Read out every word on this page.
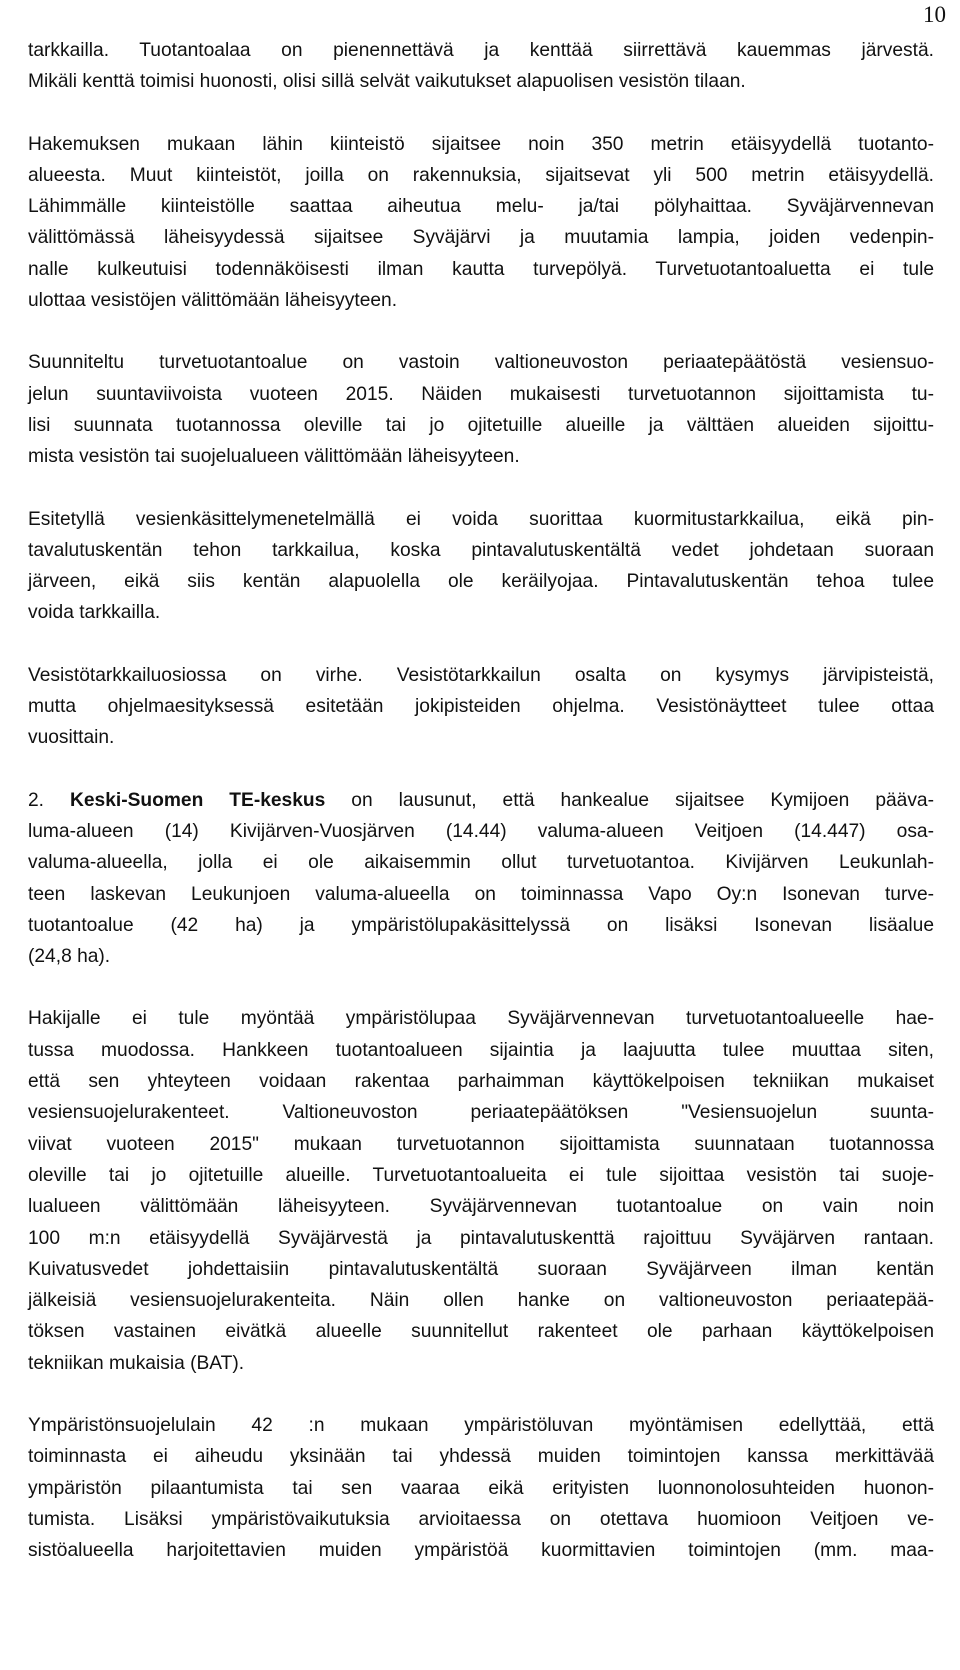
10

tarkkailla. Tuotantoalaa on pienennettävä ja kenttää siirrettävä kauemmas järvestä.
Mikäli kenttä toimisi huonosti, olisi sillä selvät vaikutukset alapuolisen vesistön tilaan.

Hakemuksen mukaan lähin kiinteistö sijaitsee noin 350 metrin etäisyydellä tuotanto-
alueesta. Muut kiinteistöt, joilla on rakennuksia, sijaitsevat yli 500 metrin etäisyydellä.
Lähimmälle kiinteistölle saattaa aiheutua melu- ja/tai pölyhaittaa. Syväjärvennevan
välittömässä läheisyydessä sijaitsee Syväjärvi ja muutamia lampia, joiden vedenpin-
nalle kulkeutuisi todennäköisesti ilman kautta turvepölyä. Turvetuotantoaluetta ei tule
ulottaa vesistöjen välittömään läheisyyteen.

Suunniteltu turvetuotantoalue on vastoin valtioneuvoston periaatepäätöstä vesiensuo-
jelun suuntaviivoista vuoteen 2015. Näiden mukaisesti turvetuotannon sijoittamista tu-
lisi suunnata tuotannossa oleville tai jo ojitetuille alueille ja välttäen alueiden sijoittu-
mista vesistön tai suojelualueen välittömään läheisyyteen.

Esitetyllä vesienkäsittelymenetelmällä ei voida suorittaa kuormitustarkkailua, eikä pin-
tavalutuskentän tehon tarkkailua, koska pintavalutuskentältä vedet johdetaan suoraan
järveen, eikä siis kentän alapuolella ole keräilyojaa. Pintavalutuskentän tehoa tulee
voida tarkkailla.

Vesistötarkkailuosiossa on virhe. Vesistötarkkailun osalta on kysymys järvipisteistä,
mutta ohjelmaesityksessä esitetään jokipisteiden ohjelma. Vesistönäytteet tulee ottaa
vuosittain.

2. Keski-Suomen TE-keskus on lausunut, että hankealue sijaitsee Kymijoen pääva-
luma-alueen (14) Kivijärven-Vuosjärven (14.44) valuma-alueen Veitjoen (14.447) osa-
valuma-alueella, jolla ei ole aikaisemmin ollut turvetuotantoa. Kivijärven Leukunlah-
teen laskevan Leukunjoen valuma-alueella on toiminnassa Vapo Oy:n Isonevan turve-
tuotantoalue (42 ha) ja ympäristölupakäsittelyssä on lisäksi Isonevan lisäalue
(24,8 ha).

Hakijalle ei tule myöntää ympäristölupaa Syväjärvennevan turvetuotantoalueelle hae-
tussa muodossa. Hankkeen tuotantoalueen sijaintia ja laajuutta tulee muuttaa siten,
että sen yhteyteen voidaan rakentaa parhaimman käyttökelpoisen tekniikan mukaiset
vesiensuojelurakenteet. Valtioneuvoston periaatepäätöksen "Vesiensuojelun suunta-
viivat vuoteen 2015" mukaan turvetuotannon sijoittamista suunnataan tuotannossa
oleville tai jo ojitetuille alueille. Turvetuotantoalueita ei tule sijoittaa vesistön tai suoje-
lualueen välittömään läheisyyteen. Syväjärvennevan tuotantoalue on vain noin
100 m:n etäisyydellä Syväjärvestä ja pintavalutuskenttä rajoittuu Syväjärven rantaan.
Kuivatusvedet johdettaisiin pintavalutuskentältä suoraan Syväjärveen ilman kentän
jälkeisiä vesiensuojelurakenteita. Näin ollen hanke on valtioneuvoston periaatepää-
töksen vastainen eivätkä alueelle suunnitellut rakenteet ole parhaan käyttökelpoisen
tekniikan mukaisia (BAT).

Ympäristönsuojelulain 42 :n mukaan ympäristöluvan myöntämisen edellyttää, että
toiminnasta ei aiheudu yksinään tai yhdessä muiden toimintojen kanssa merkittävää
ympäristön pilaantumista tai sen vaaraa eikä erityisten luonnonolosuhteiden huonon-
tumista. Lisäksi ympäristövaikutuksia arvioitaessa on otettava huomioon Veitjoen ve-
sistöalueella harjoitettavien muiden ympäristöä kuormittavien toimintojen (mm. maa-
